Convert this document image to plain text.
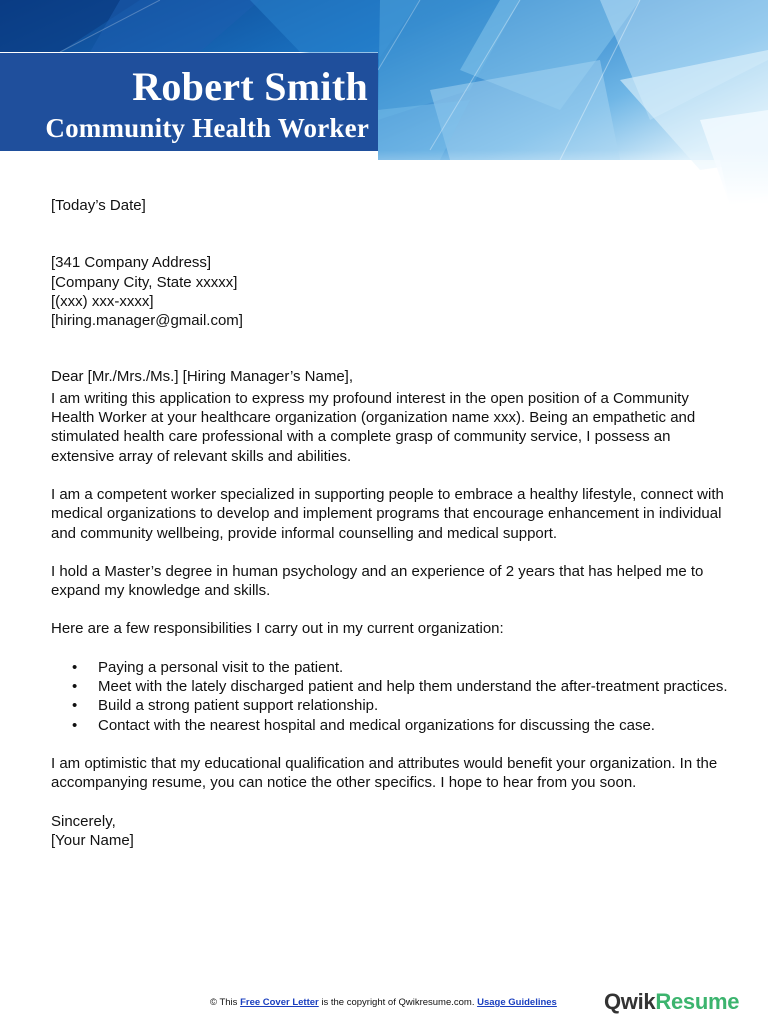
Robert Smith
Community Health Worker

[Today’s Date]

[341 Company Address]

[Company City, State xxxxx]

[(xxx) xxx-xxxx]

[hiring.manager@gmail.com]

Dear [Mr./Mrs./Ms.] [Hiring Manager’s Name],

I am writing this application to express my profound interest in the open position of a Community Health Worker at your healthcare organization (organization name xxx). Being an empathetic and stimulated health care professional with a complete grasp of community service, I possess an extensive array of relevant skills and abilities.

I am a competent worker specialized in supporting people to embrace a healthy lifestyle, connect with medical organizations to develop and implement programs that encourage enhancement in individual and community wellbeing, provide informal counselling and medical support.

I hold a Master’s degree in human psychology and an experience of 2 years that has helped me to expand my knowledge and skills.

Here are a few responsibilities I carry out in my current organization:

• Paying a personal visit to the patient.
• Meet with the lately discharged patient and help them understand the after-treatment practices.
• Build a strong patient support relationship.
• Contact with the nearest hospital and medical organizations for discussing the case.

I am optimistic that my educational qualification and attributes would benefit your organization. In the accompanying resume, you can notice the other specifics. I hope to hear from you soon.

Sincerely,

[Your Name]

© This Free Cover Letter is the copyright of Qwikresume.com. Usage Guidelines QwikResume
